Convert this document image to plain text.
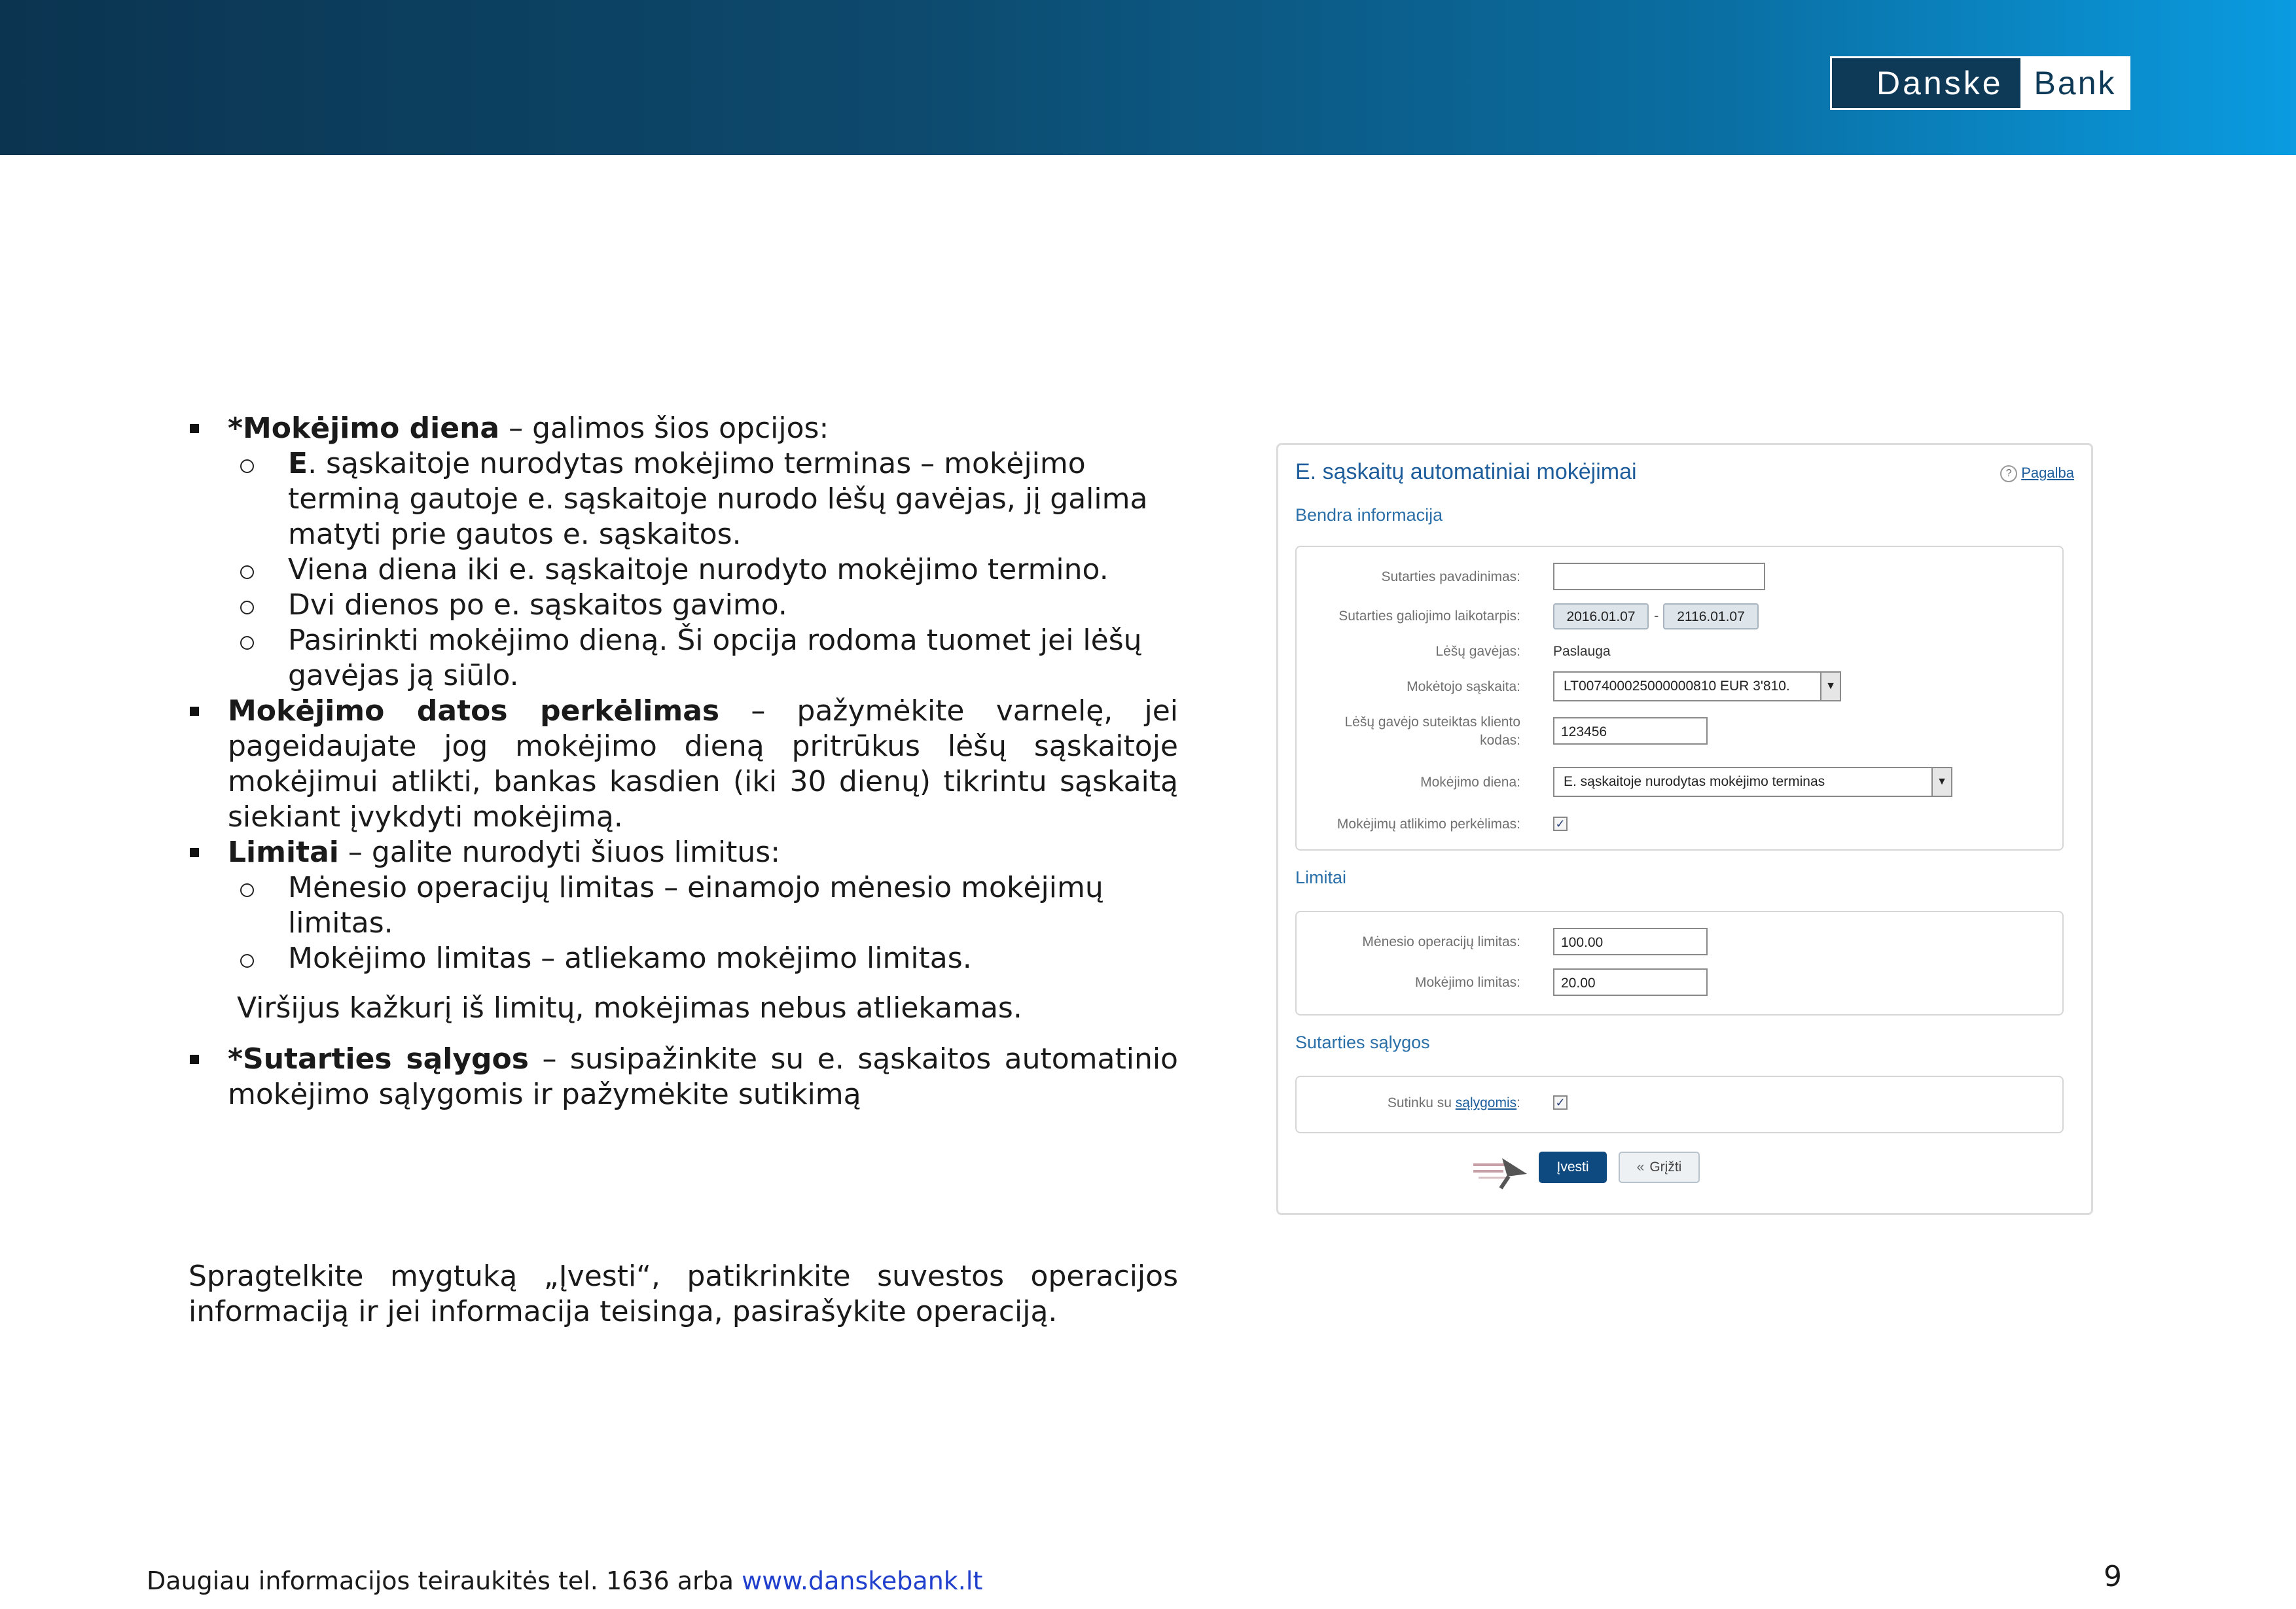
Danske Bank

*Mokėjimo diena – galimos šios opcijos:

E. sąskaitoje nurodytas mokėjimo terminas – mokėjimo terminą gautoje e. sąskaitoje nurodo lėšų gavėjas, jį galima matyti prie gautos e. sąskaitos.

Viena diena iki e. sąskaitoje nurodyto mokėjimo termino.

Dvi dienos po e. sąskaitos gavimo.

Pasirinkti mokėjimo dieną. Ši opcija rodoma tuomet jei lėšų gavėjas ją siūlo.

Mokėjimo datos perkėlimas – pažymėkite varnelę, jei pageidaujate jog mokėjimo dieną pritrūkus lėšų sąskaitoje mokėjimui atlikti, bankas kasdien (iki 30 dienų) tikrintu sąskaitą siekiant įvykdyti mokėjimą.

Limitai – galite nurodyti šiuos limitus:

Mėnesio operacijų limitas – einamojo mėnesio mokėjimų limitas.

Mokėjimo limitas – atliekamo mokėjimo limitas.

Viršijus kažkurį iš limitų, mokėjimas nebus atliekamas.

*Sutarties sąlygos – susipažinkite su e. sąskaitos automatinio mokėjimo sąlygomis ir pažymėkite sutikimą

Spragtelkite mygtuką „Įvesti“, patikrinkite suvestos operacijos informaciją ir jei informacija teisinga, pasirašykite operaciją.

E. sąskaitų automatiniai mokėjimai	? Pagalba
Bendra informacija
Sutarties pavadinimas:
Sutarties galiojimo laikotarpis:	2016.01.07	-	2116.01.07
Lėšų gavėjas: Paslauga
Mokėtojo sąskaita:	LT007400025000000810 EUR 3'810.	▼
Lėšų gavėjo suteiktas kliento
kodas:
123456
Mokėjimo diena:	E. sąskaitoje nurodytas mokėjimo terminas	▼
Mokėjimų atlikimo perkėlimas:	✓
Limitai
Mėnesio operacijų limitas:	100.00
Mokėjimo limitas:	20.00
Sutarties sąlygos
Sutinku su sąlygomis:	✓
Įvesti	« Grįžti
Daugiau informacijos teiraukitės tel. 1636 arba www.danskebank.lt	9
